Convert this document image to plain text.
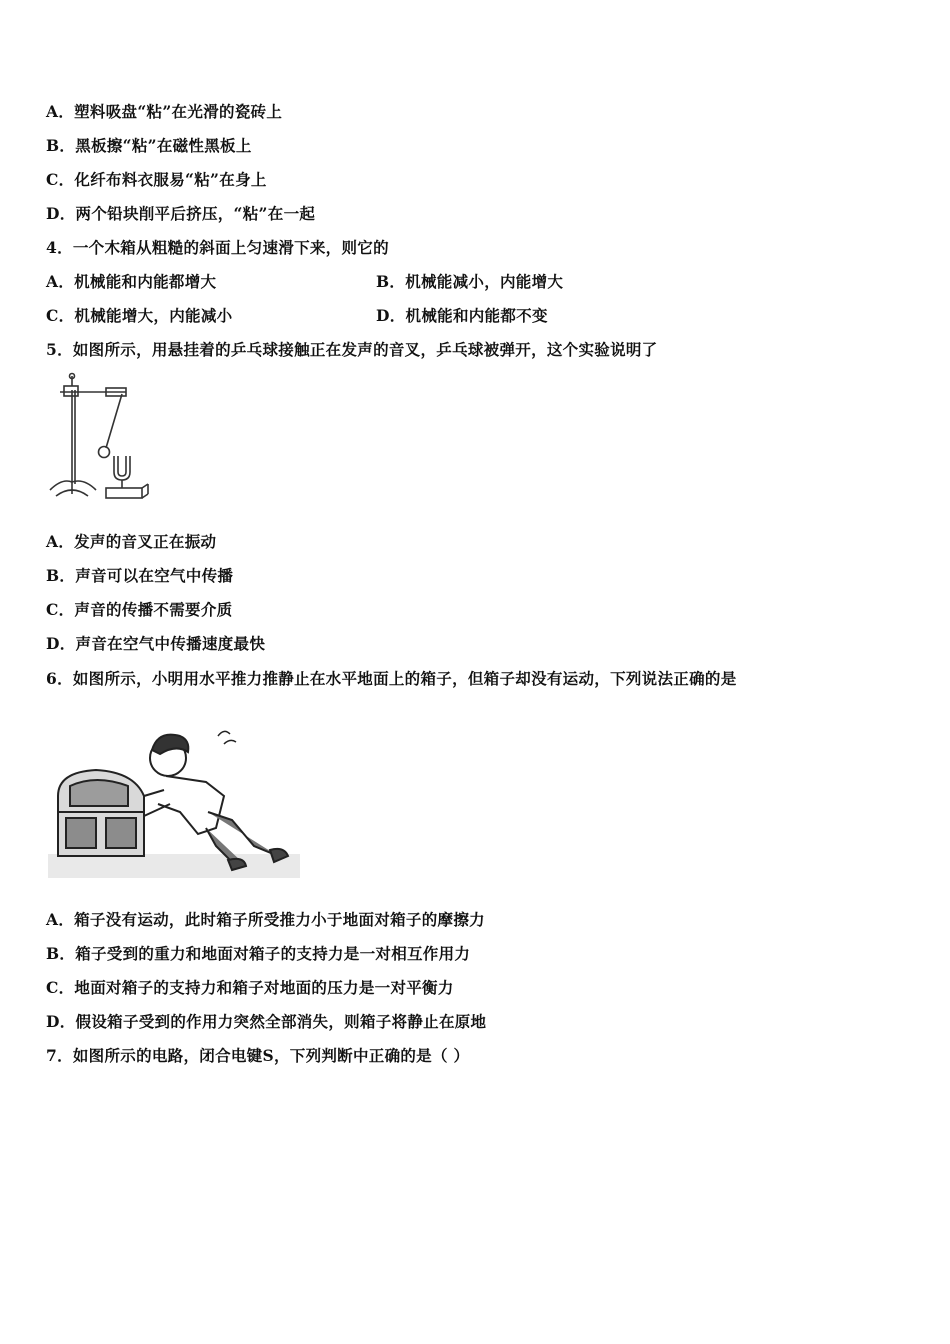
A．塑料吸盘“粘”在光滑的瓷砖上
B．黑板擦“粘”在磁性黑板上
C．化纤布料衣服易“粘”在身上
D．两个铅块削平后挤压，“粘”在一起
4．一个木箱从粗糙的斜面上匀速滑下来，则它的
A．机械能和内能都增大	B．机械能减小，内能增大
C．机械能增大，内能减小	D．机械能和内能都不变
5．如图所示，用悬挂着的乒乓球接触正在发声的音叉，乒乓球被弹开，这个实验说明了
A．发声的音叉正在振动
B．声音可以在空气中传播
C．声音的传播不需要介质
D．声音在空气中传播速度最快
6．如图所示，小明用水平推力推静止在水平地面上的箱子，但箱子却没有运动，下列说法正确的是
A．箱子没有运动，此时箱子所受推力小于地面对箱子的摩擦力
B．箱子受到的重力和地面对箱子的支持力是一对相互作用力
C．地面对箱子的支持力和箱子对地面的压力是一对平衡力
D．假设箱子受到的作用力突然全部消失，则箱子将静止在原地
7．如图所示的电路，闭合电键S，下列判断中正确的是（ ）
